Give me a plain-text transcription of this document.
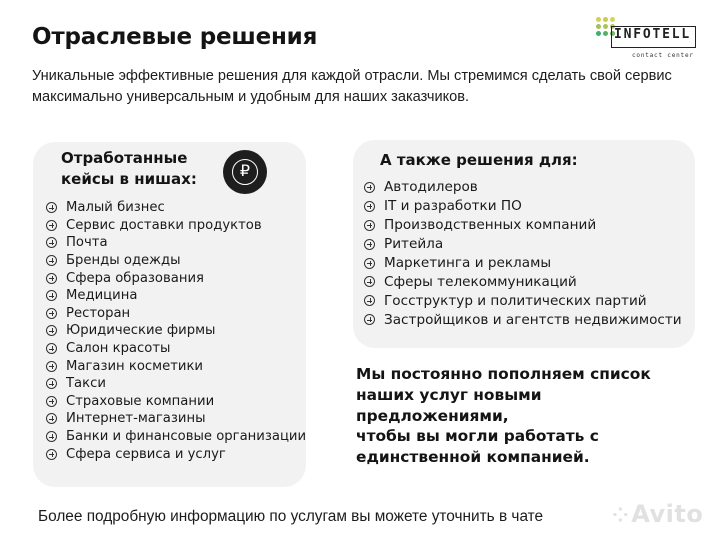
Отраслевые решения
Уникальные эффективные решения для каждой отрасли. Мы стремимся сделать свой сервис максимально универсальным и удобным для наших заказчиков.
INFOTELL
contact center
Отработанные кейсы в нишах:	₽
Малый бизнес
Сервис доставки продуктов
Почта
Бренды одежды
Сфера образования
Медицина
Ресторан
Юридические фирмы
Салон красоты
Магазин косметики
Такси
Страховые компании
Интернет-магазины
Банки и финансовые организации
Сфера сервиса и услуг
А также решения для:
Автодилеров
IT и разработки ПО
Производственных компаний
Ритейла
Маркетинга и рекламы
Сферы телекоммуникаций
Госструктур и политических партий
Застройщиков и агентств недвижимости
Мы постоянно пополняем список
наших услуг новыми
предложениями,
чтобы вы могли работать с
единственной компанией.
Более подробную информацию по услугам вы можете уточнить в чате	⁘Avito
